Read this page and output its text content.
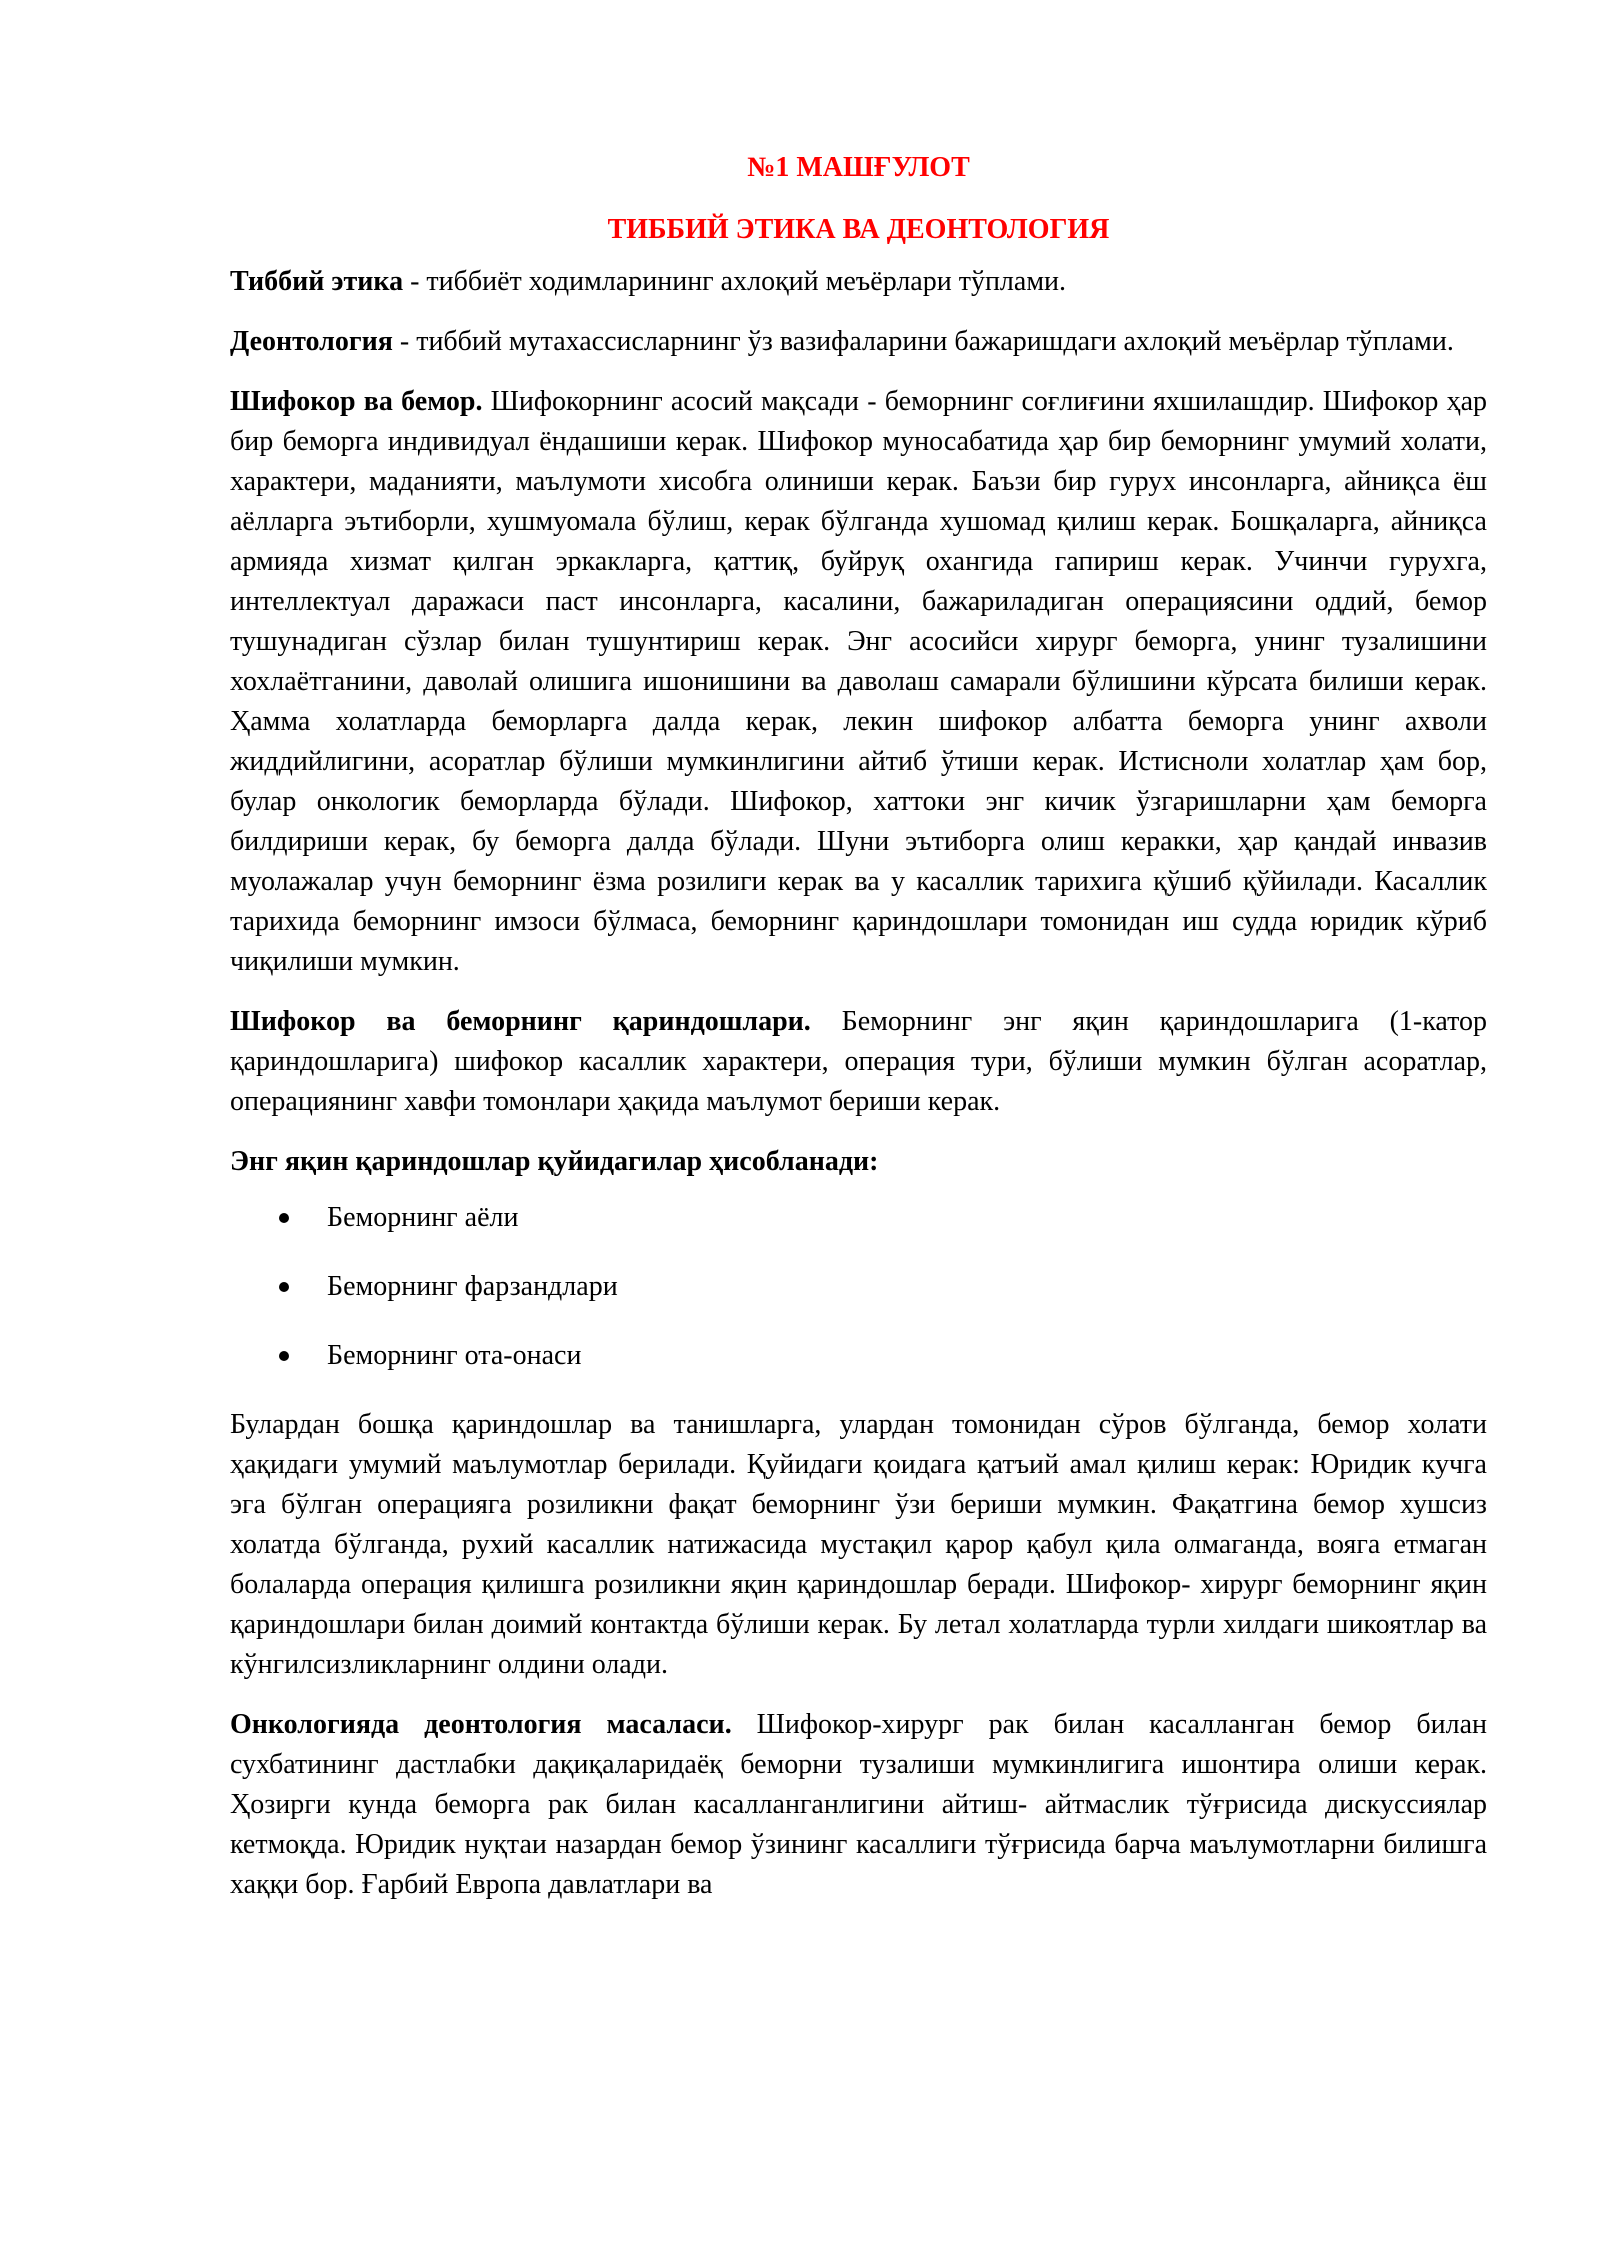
№1 МАШҒУЛОТ

ТИББИЙ ЭТИКА ВА ДЕОНТОЛОГИЯ

Тиббий этика - тиббиёт ходимларининг ахлоқий меъёрлари тўплами.

Деонтология - тиббий мутахассисларнинг ўз вазифаларини бажаришдаги ахлоқий меъёрлар тўплами.

Шифокор ва бемор. Шифокорнинг асосий мақсади - беморнинг соғлиғини яхшилашдир. Шифокор ҳар бир беморга индивидуал ёндашиши керак. Шифокор муносабатида ҳар бир беморнинг умумий холати, характери, маданияти, маълумоти хисобга олиниши керак. Баъзи бир гурух инсонларга, айниқса ёш аёлларга эътиборли, хушмуомала бўлиш, керак бўлганда хушомад қилиш керак. Бошқаларга, айниқса армияда хизмат қилган эркакларга, қаттиқ, буйруқ охангида гапириш керак. Учинчи гурухга, интеллектуал даражаси паст инсонларга, касалини, бажариладиган операциясини оддий, бемор тушунадиган сўзлар билан тушунтириш керак. Энг асосийси хирург беморга, унинг тузалишини хохлаётганини, даволай олишига ишонишини ва даволаш самарали бўлишини кўрсата билиши керак. Ҳамма холатларда беморларга далда керак, лекин шифокор албатта беморга унинг ахволи жиддийлигини, асоратлар бўлиши мумкинлигини айтиб ўтиши керак. Истисноли холатлар ҳам бор, булар онкологик беморларда бўлади. Шифокор, хаттоки энг кичик ўзгаришларни ҳам беморга билдириши керак, бу беморга далда бўлади. Шуни эътиборга олиш керакки, ҳар қандай инвазив муолажалар учун беморнинг ёзма розилиги керак ва у касаллик тарихига қўшиб қўйилади. Касаллик тарихида беморнинг имзоси бўлмаса, беморнинг қариндошлари томонидан иш судда юридик кўриб чиқилиши мумкин.

Шифокор ва беморнинг қариндошлари. Беморнинг энг яқин қариндошларига (1-катор қариндошларига) шифокор касаллик характери, операция тури, бўлиши мумкин бўлган асоратлар, операциянинг хавфи томонлари ҳақида маълумот бериши керак.

Энг яқин қариндошлар қуйидагилар ҳисобланади:

Беморнинг аёли
Беморнинг фарзандлари
Беморнинг ота-онаси

Булардан бошқа қариндошлар ва танишларга, улардан томонидан сўров бўлганда, бемор холати ҳақидаги умумий маълумотлар берилади. Қуйидаги қоидага қатъий амал қилиш керак: Юридик кучга эга бўлган операцияга розиликни фақат беморнинг ўзи бериши мумкин. Фақатгина бемор хушсиз холатда бўлганда, рухий касаллик натижасида мустақил қарор қабул қила олмаганда, вояга етмаган болаларда операция қилишга розиликни яқин қариндошлар беради. Шифокор- хирург беморнинг яқин қариндошлари билан доимий контактда бўлиши керак. Бу летал холатларда турли хилдаги шикоятлар ва кўнгилсизликларнинг олдини олади.

Онкологияда деонтология масаласи. Шифокор-хирург рак билан касалланган бемор билан сухбатининг дастлабки дақиқаларидаёқ беморни тузалиши мумкинлигига ишонтира олиши керак. Ҳозирги кунда беморга рак билан касалланганлигини айтиш- айтмаслик тўғрисида дискуссиялар кетмоқда. Юридик нуқтаи назардан бемор ўзининг касаллиги тўғрисида барча маълумотларни билишга хаққи бор. Ғарбий Европа давлатлари ва
